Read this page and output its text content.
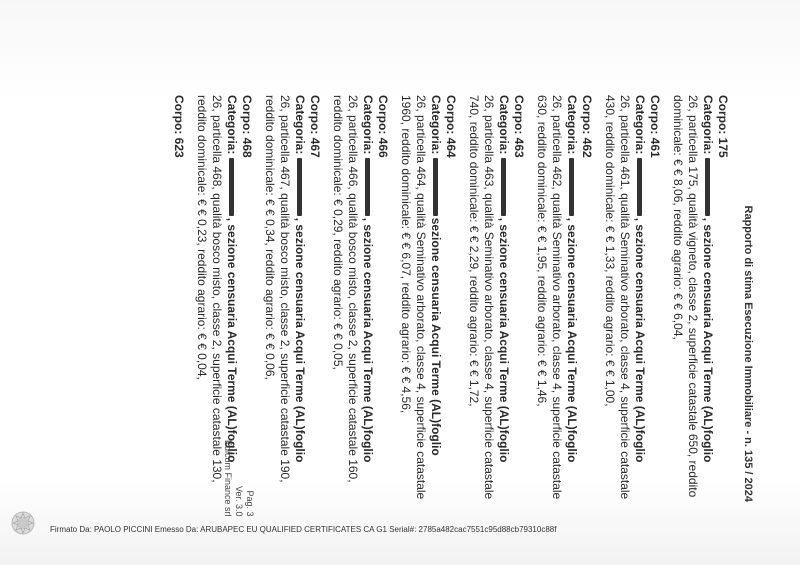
Rapporto di stima Esecuzione Immobiliare - n. 135 / 2024

Corpo: 175

Categoria: , sezione censuaria Acqui Terme (AL)foglio

26, particella 175, qualità vigneto, classe 2, superficie catastale 650, reddito dominicale: € € 8,06, reddito agrario: € € 6,04,

Corpo: 461

Categoria: , sezione censuaria Acqui Terme (AL)foglio

26, particella 461, qualità Seminativo arborato, classe 4, superficie catastale 430, reddito dominicale: € € 1,33, reddito agrario: € € 1,00,

Corpo: 462

Categoria: , sezione censuaria Acqui Terme (AL)foglio

26, particella 462, qualità Seminativo arborato, classe 4, superficie catastale 630, reddito dominicale: € € 1,95, reddito agrario: € € 1,46,

Corpo: 463

Categoria: , sezione censuaria Acqui Terme (AL)foglio

26, particella 463, qualità Seminativo arborato, classe 4, superficie catastale 740, reddito dominicale: € € 2,29, reddito agrario: € € 1,72,

Corpo: 464

Categoria: sezione censuaria Acqui Terme (AL)foglio

26, particella 464, qualità Seminativo arborato, classe 4, superficie catastale 1960, reddito dominicale: € € 6,07, reddito agrario: € € 4,56,

Corpo: 466

Categoria: , sezione censuaria Acqui Terme (AL)foglio

26, particella 466, qualità bosco misto, classe 2, superficie catastale 160, reddito dominicale: € 0,29, reddito agrario: € € 0,05,

Corpo: 467

Categoria: , sezione censuaria Acqui Terme (AL)foglio

26, particella 467, qualità bosco misto, classe 2, superficie catastale 190, reddito dominicale: € € 0,34, reddito agrario: € € 0,06,

Corpo: 468

Categoria: , sezione censuaria Acqui Terme (AL)foglio

26, particella 468, qualità bosco misto, classe 2, superficie catastale 130, reddito dominicale: € € 0,23, reddito agrario: € € 0,04,

Corpo: 623

Pag. 3
Ver. 3.0
Edicom Finance srl
Firmato Da: PAOLO PICCINI Emesso Da: ARUBAPEC EU QUALIFIED CERTIFICATES CA G1 Serial#: 2785a482cac7551c95d88cb79310c88f
